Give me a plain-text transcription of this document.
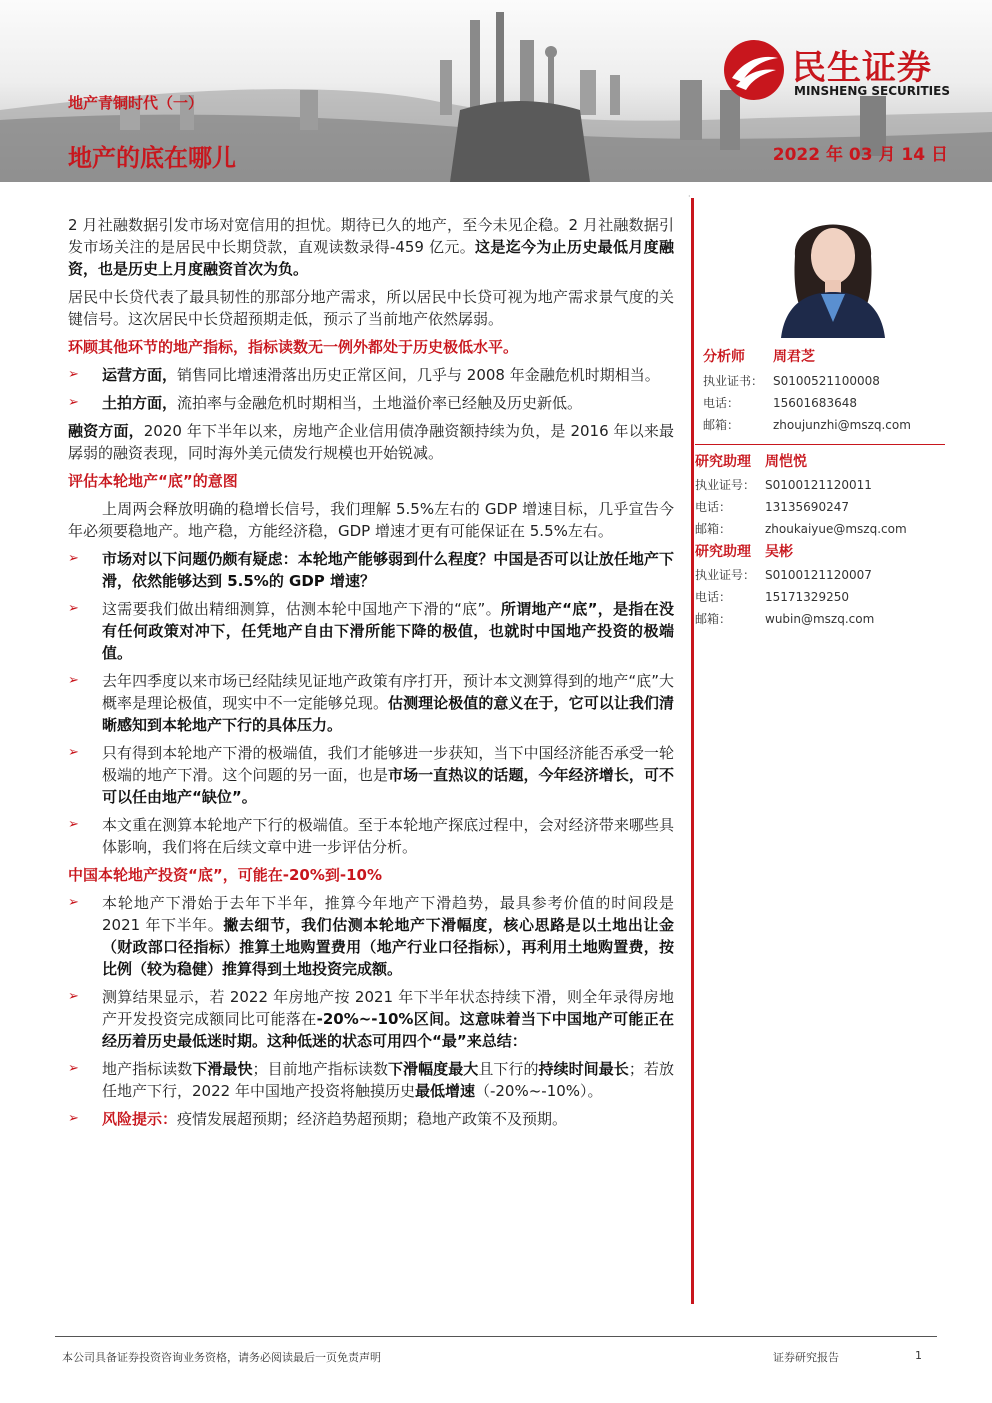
地产青铜时代（一）
地产的底在哪儿	2022 年 03 月 14 日
民生证券
MINSHENG SECURITIES
·

2 月社融数据引发市场对宽信用的担忧。期待已久的地产，至今未见企稳。2 月社融数据引发市场关注的是居民中长期贷款，直观读数录得-459 亿元。这是迄今为止历史最低月度融资，也是历史上月度融资首次为负。

居民中长贷代表了最具韧性的那部分地产需求，所以居民中长贷可视为地产需求景气度的关键信号。这次居民中长贷超预期走低，预示了当前地产依然孱弱。

环顾其他环节的地产指标，指标读数无一例外都处于历史极低水平。

➢	运营方面，销售同比增速滑落出历史正常区间，几乎与 2008 年金融危机时期相当。
➢	土拍方面，流拍率与金融危机时期相当，土地溢价率已经触及历史新低。

融资方面，2020 年下半年以来，房地产企业信用债净融资额持续为负，是 2016 年以来最孱弱的融资表现，同时海外美元债发行规模也开始锐减。

评估本轮地产“底”的意图

上周两会释放明确的稳增长信号，我们理解 5.5%左右的 GDP 增速目标，几乎宣告今年必须要稳地产。地产稳，方能经济稳，GDP 增速才更有可能保证在 5.5%左右。

➢	市场对以下问题仍颇有疑虑：本轮地产能够弱到什么程度？中国是否可以让放任地产下滑，依然能够达到 5.5%的 GDP 增速？
➢	这需要我们做出精细测算，估测本轮中国地产下滑的“底”。所谓地产“底”，是指在没有任何政策对冲下，任凭地产自由下滑所能下降的极值，也就时中国地产投资的极端值。
➢	去年四季度以来市场已经陆续见证地产政策有序打开，预计本文测算得到的地产“底”大概率是理论极值，现实中不一定能够兑现。估测理论极值的意义在于，它可以让我们清晰感知到本轮地产下行的具体压力。
➢	只有得到本轮地产下滑的极端值，我们才能够进一步获知，当下中国经济能否承受一轮极端的地产下滑。这个问题的另一面，也是市场一直热议的话题，今年经济增长，可不可以任由地产“缺位”。
➢	本文重在测算本轮地产下行的极端值。至于本轮地产探底过程中，会对经济带来哪些具体影响，我们将在后续文章中进一步评估分析。

中国本轮地产投资“底”，可能在-20%到-10%

➢	本轮地产下滑始于去年下半年，推算今年地产下滑趋势，最具参考价值的时间段是 2021 年下半年。撇去细节，我们估测本轮地产下滑幅度，核心思路是以土地出让金（财政部口径指标）推算土地购置费用（地产行业口径指标），再利用土地购置费，按比例（较为稳健）推算得到土地投资完成额。
➢	测算结果显示，若 2022 年房地产按 2021 年下半年状态持续下滑，则全年录得房地产开发投资完成额同比可能落在-20%~-10%区间。这意味着当下中国地产可能正在经历着历史最低迷时期。这种低迷的状态可用四个“最”来总结：
➢	地产指标读数下滑最快；目前地产指标读数下滑幅度最大且下行的持续时间最长；若放任地产下行，2022 年中国地产投资将触摸历史最低增速（-20%~-10%）。
➢	风险提示：疫情发展超预期；经济趋势超预期；稳地产政策不及预期。
分析师	周君芝
执业证书： S0100521100008
电话：	15601683648
邮箱：	zhoujunzhi@mszq.com
研究助理	周恺悦
执业证号： S0100121120011
电话：	13135690247
邮箱：	zhoukaiyue@mszq.com
研究助理	吴彬
执业证号： S0100121120007
电话：	15171329250
邮箱：	wubin@mszq.com
本公司具备证券投资咨询业务资格，请务必阅读最后一页免责声明	证券研究报告	1
